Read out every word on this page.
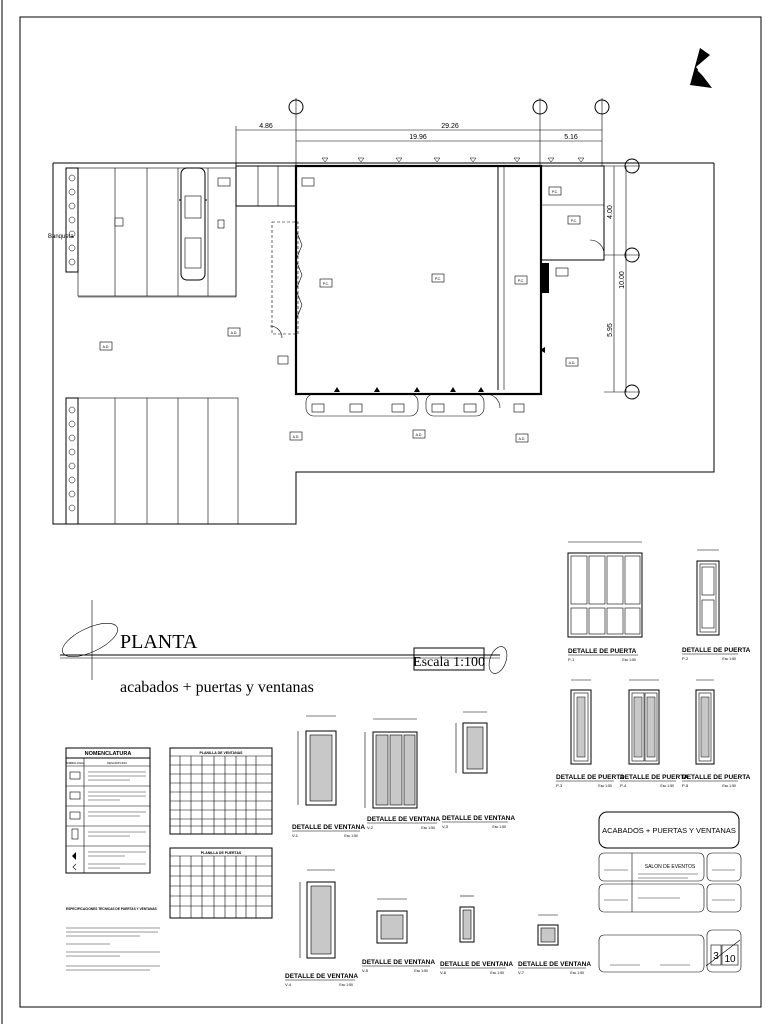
P.C.
P.C.	P.C.
P.C.
P.C.
A.D.
A.D.
A.D.
A.D.	A.D.
A.D.
4.86	29.26
19.96	5.16
4.00
10.00
5.95
Banqueta
PLANTA
acabados + puertas y ventanas
Escala 1:100
NOMENCLATURA
SIMBOLOGIA	DESCRIPCION
PLANILLA DE VENTANAS
PLANILLA DE PUERTAS
ESPECIFICACIONES TECNICAS DE PUERTAS Y VENTANAS
DETALLE DE VENTANA
DETALLE DE VENTANA DETALLE DE VENTANA
DETALLE DE VENTANA
DETALLE DE VENTANA DETALLE DE VENTANA DETALLE DE VENTANA
V-1
V-2	V-3
V-4
V-5	V-6	V-7
Esc 1:50
Esc 1:50	Esc 1:50
Esc 1:50
Esc 1:50	Esc 1:50	Esc 1:50
DETALLE DE PUERTA	DETALLE DE PUERTA
DETALLE DE PUERTA
DETALLE DE PUERTA
DETALLE DE PUERTA
P-1	P-2
P-3	P-4	P-5
Esc 1:50	Esc 1:50
Esc 1:50	Esc 1:50	Esc 1:50
ACABADOS + PUERTAS Y VENTANAS
SALON DE EVENTOS
3 10
